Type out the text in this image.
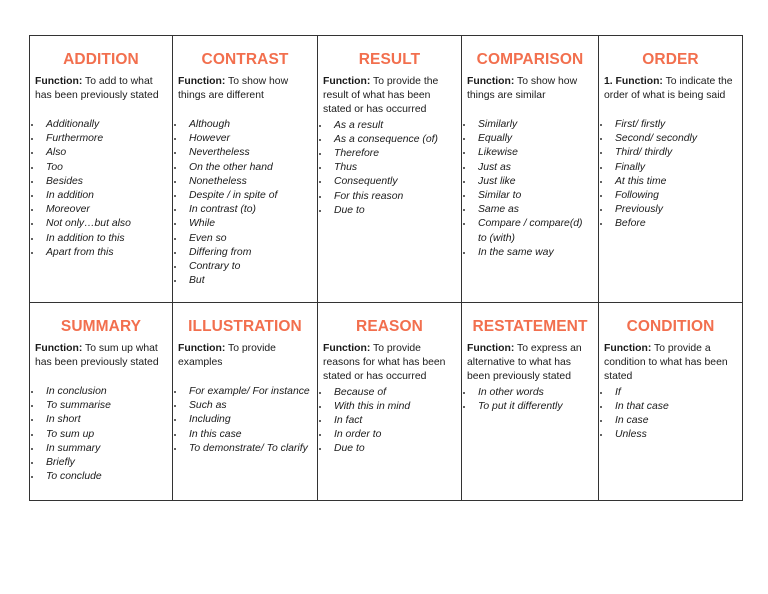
ADDITION
Function: To add to what has been previously stated
Additionally
Furthermore
Also
Too
Besides
In addition
Moreover
Not only…but also
In addition to this
Apart from this
CONTRAST
Function: To show how things are different
Although
However
Nevertheless
On the other hand
Nonetheless
Despite / in spite of
In contrast (to)
While
Even so
Differing from
Contrary to
But
RESULT
Function: To provide the result of what has been stated or has occurred
As a result
As a consequence (of)
Therefore
Thus
Consequently
For this reason
Due to
COMPARISON
Function: To show how things are similar
Similarly
Equally
Likewise
Just as
Just like
Similar to
Same as
Compare / compare(d) to (with)
In the same way
ORDER
1. Function: To indicate the order of what is being said
First/ firstly
Second/ secondly
Third/ thirdly
Finally
At this time
Following
Previously
Before
SUMMARY
Function: To sum up what has been previously stated
In conclusion
To summarise
In short
To sum up
In summary
Briefly
To conclude
ILLUSTRATION
Function: To provide examples
For example/ For instance
Such as
Including
In this case
To demonstrate/ To clarify
REASON
Function: To provide reasons for what has been stated or has occurred
Because of
With this in mind
In fact
In order to
Due to
RESTATEMENT
Function: To express an alternative to what has been previously stated
In other words
To put it differently
CONDITION
Function: To provide a condition to what has been stated
If
In that case
In case
Unless
